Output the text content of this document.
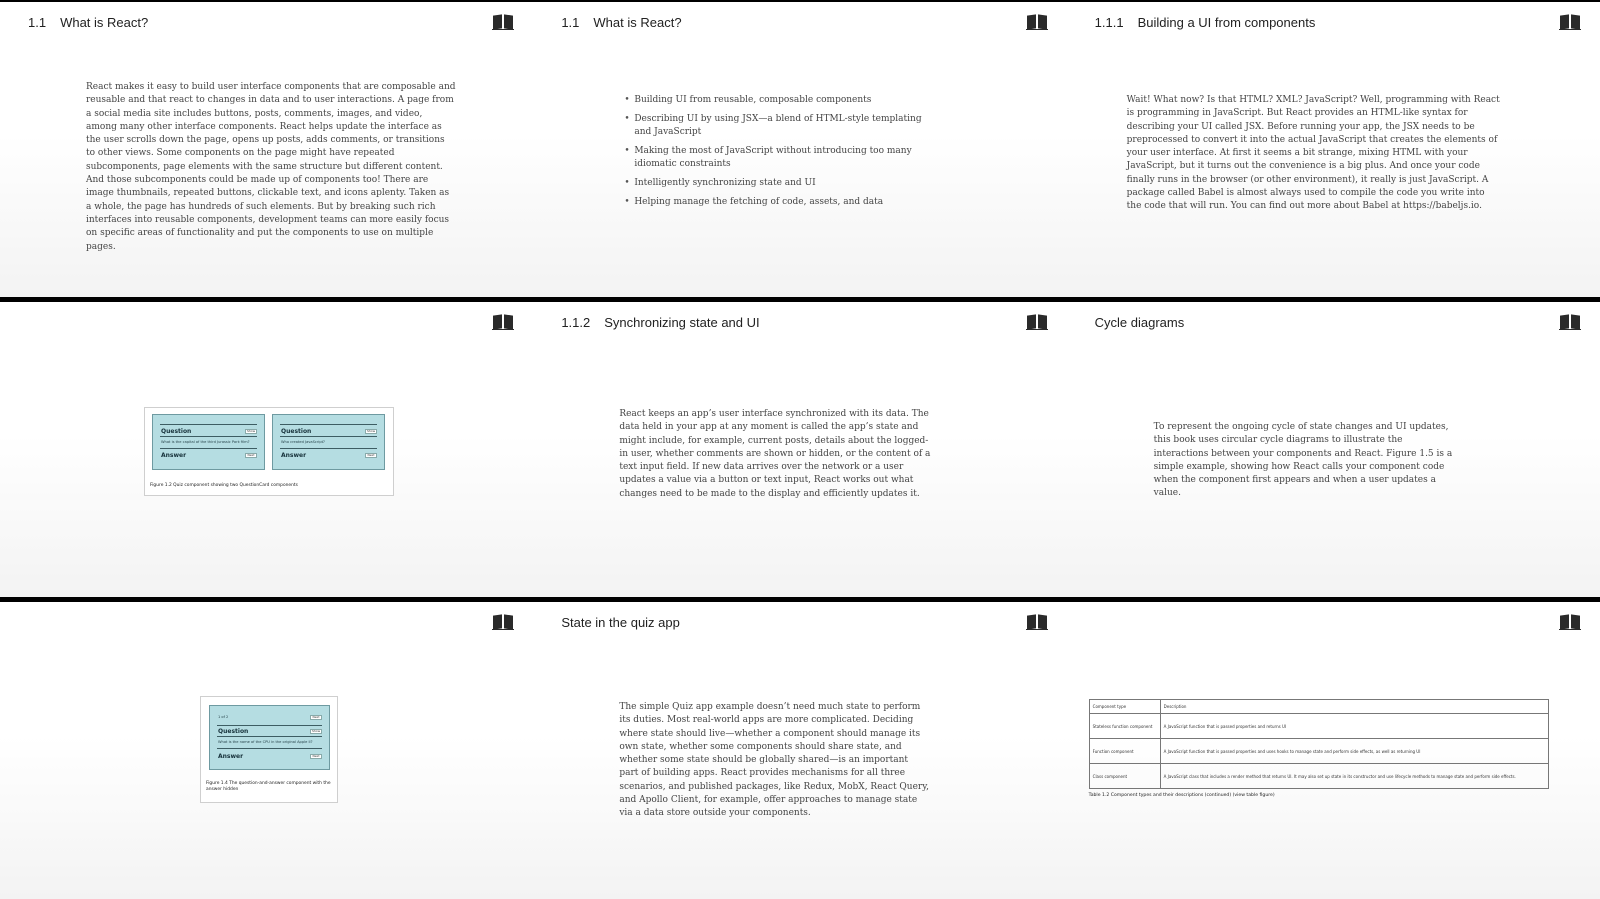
1.1 What is React?
React makes it easy to build user interface components that are composable and reusable and that react to changes in data and to user interactions. A page from a social media site includes buttons, posts, comments, images, and video, among many other interface components. React helps update the interface as the user scrolls down the page, opens up posts, adds comments, or transitions to other views. Some components on the page might have repeated subcomponents, page elements with the same structure but different content. And those subcomponents could be made up of components too! There are image thumbnails, repeated buttons, clickable text, and icons aplenty. Taken as a whole, the page has hundreds of such elements. But by breaking such rich interfaces into reusable components, development teams can more easily focus on specific areas of functionality and put the components to use on multiple pages.
1.1 What is React?
• Building UI from reusable, composable components
• Describing UI by using JSX—a blend of HTML-style templating and JavaScript
• Making the most of JavaScript without introducing too many idiomatic constraints
• Intelligently synchronizing state and UI
• Helping manage the fetching of code, assets, and data
1.1.1 Building a UI from components
Wait! What now? Is that HTML? XML? JavaScript? Well, programming with React is programming in JavaScript. But React provides an HTML-like syntax for describing your UI called JSX. Before running your app, the JSX needs to be preprocessed to convert it into the actual JavaScript that creates the elements of your user interface. At first it seems a bit strange, mixing HTML with your JavaScript, but it turns out the convenience is a big plus. And once your code finally runs in the browser (or other environment), it really is just JavaScript. A package called Babel is almost always used to compile the code you write into the code that will run. You can find out more about Babel at https://babeljs.io.
Question	Show
What is the capital of the third Jurassic Park film?
Answer	Next
Question	Show
Who created JavaScript?
Answer	Next
Figure 1.2 Quiz component showing two QuestionCard components
1.1.2 Synchronizing state and UI
React keeps an app’s user interface synchronized with its data. The data held in your app at any moment is called the app’s state and might include, for example, current posts, details about the logged-in user, whether comments are shown or hidden, or the content of a text input field. If new data arrives over the network or a user updates a value via a button or text input, React works out what changes need to be made to the display and efficiently updates it.
Cycle diagrams
To represent the ongoing cycle of state changes and UI updates, this book uses circular cycle diagrams to illustrate the interactions between your components and React. Figure 1.5 is a simple example, showing how React calls your component code when the component first appears and when a user updates a value.
1 of 2	Next
Question	Show
What is the name of the CPU in the original Apple II?
Answer	Next
Figure 1.4 The question-and-answer component with the answer hidden
State in the quiz app
The simple Quiz app example doesn’t need much state to perform its duties. Most real-world apps are more complicated. Deciding where state should live—whether a component should manage its own state, whether some components should share state, and whether some state should be globally shared—is an important part of building apps. React provides mechanisms for all three scenarios, and published packages, like Redux, MobX, React Query, and Apollo Client, for example, offer approaches to manage state via a data store outside your components.
Component type	Description
Stateless function component	A JavaScript function that is passed properties and returns UI
Function component	A JavaScript function that is passed properties and uses hooks to manage state and perform side effects, as well as returning UI
Class component	A JavaScript class that includes a render method that returns UI. It may also set up state in its constructor and use lifecycle methods to manage state and perform side effects.
Table 1.2 Component types and their descriptions (continued) (view table figure)
